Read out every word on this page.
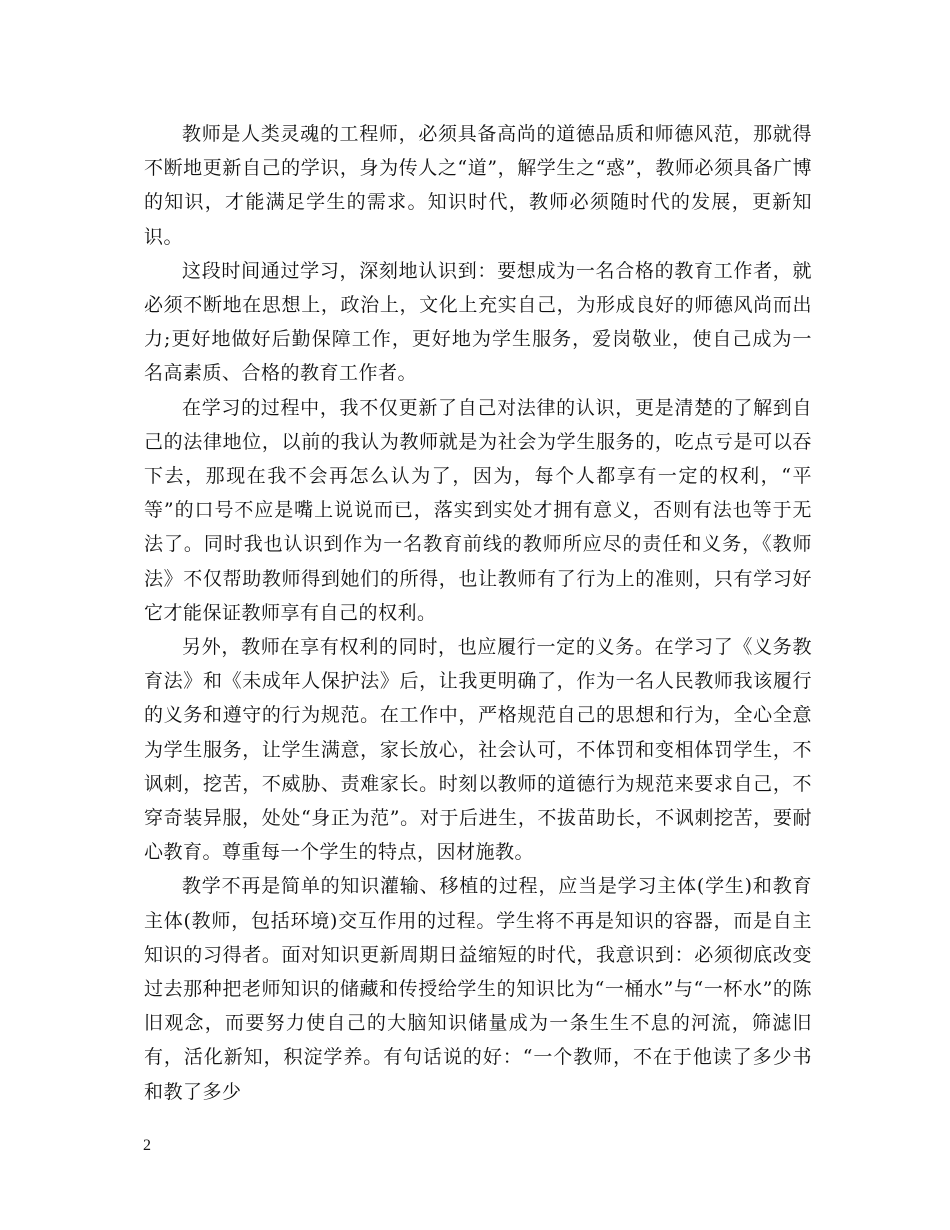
教师是人类灵魂的工程师，必须具备高尚的道德品质和师德风范，那就得不断地更新自己的学识，身为传人之“道”，解学生之“惑”，教师必须具备广博的知识，才能满足学生的需求。知识时代，教师必须随时代的发展，更新知识。

这段时间通过学习，深刻地认识到：要想成为一名合格的教育工作者，就必须不断地在思想上，政治上，文化上充实自己，为形成良好的师德风尚而出力;更好地做好后勤保障工作，更好地为学生服务，爱岗敬业，使自己成为一名高素质、合格的教育工作者。

在学习的过程中，我不仅更新了自己对法律的认识，更是清楚的了解到自己的法律地位，以前的我认为教师就是为社会为学生服务的，吃点亏是可以吞下去，那现在我不会再怎么认为了，因为，每个人都享有一定的权利，“平等”的口号不应是嘴上说说而已，落实到实处才拥有意义，否则有法也等于无法了。同时我也认识到作为一名教育前线的教师所应尽的责任和义务，《教师法》不仅帮助教师得到她们的所得，也让教师有了行为上的准则，只有学习好它才能保证教师享有自己的权利。

另外，教师在享有权利的同时，也应履行一定的义务。在学习了《义务教育法》和《未成年人保护法》后，让我更明确了，作为一名人民教师我该履行的义务和遵守的行为规范。在工作中，严格规范自己的思想和行为，全心全意为学生服务，让学生满意，家长放心，社会认可，不体罚和变相体罚学生，不讽刺，挖苦，不威胁、责难家长。时刻以教师的道德行为规范来要求自己，不穿奇装异服，处处“身正为范”。对于后进生，不拔苗助长，不讽刺挖苦，要耐心教育。尊重每一个学生的特点，因材施教。

教学不再是简单的知识灌输、移植的过程，应当是学习主体(学生)和教育主体(教师，包括环境)交互作用的过程。学生将不再是知识的容器，而是自主知识的习得者。面对知识更新周期日益缩短的时代，我意识到：必须彻底改变过去那种把老师知识的储藏和传授给学生的知识比为“一桶水”与“一杯水”的陈旧观念，而要努力使自己的大脑知识储量成为一条生生不息的河流，筛滤旧有，活化新知，积淀学养。有句话说的好：“一个教师，不在于他读了多少书和教了多少

2
